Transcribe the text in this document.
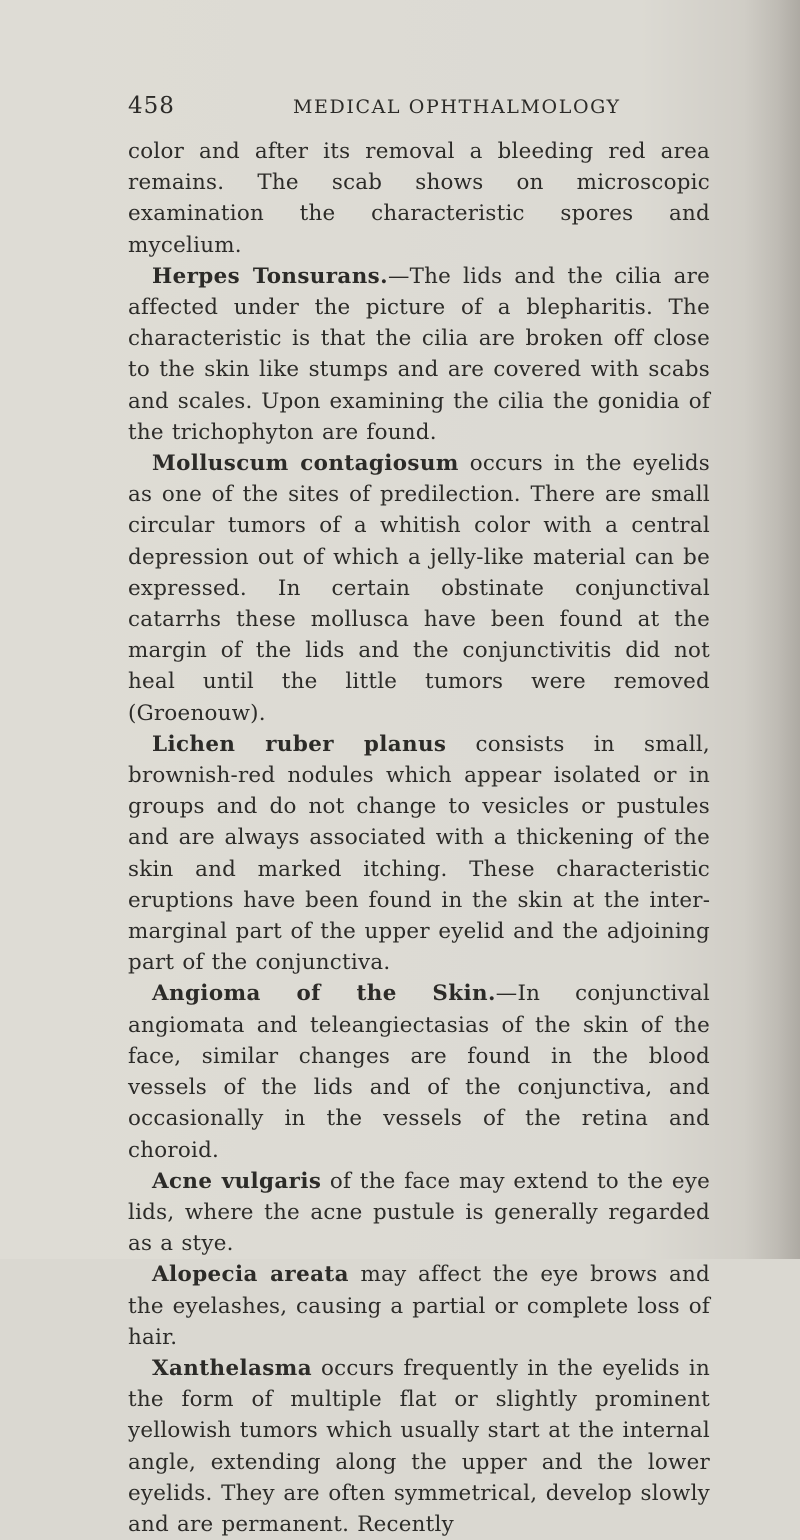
458	MEDICAL OPHTHALMOLOGY

color and after its removal a bleeding red area remains. The scab shows on microscopic examination the characteristic spores and mycelium.

Herpes Tonsurans.—The lids and the cilia are affected under the picture of a blepharitis. The characteristic is that the cilia are broken off close to the skin like stumps and are covered with scabs and scales. Upon examining the cilia the gonidia of the trichophyton are found.

Molluscum contagiosum occurs in the eyelids as one of the sites of predilection. There are small circular tumors of a whitish color with a central depression out of which a jelly-like material can be expressed. In certain obstinate conjunctival catarrhs these mollusca have been found at the margin of the lids and the conjunctivitis did not heal until the little tumors were removed (Groenouw).

Lichen ruber planus consists in small, brownish-red nodules which appear isolated or in groups and do not change to vesicles or pustules and are always associated with a thickening of the skin and marked itching. These characteristic eruptions have been found in the skin at the intermarginal part of the upper eyelid and the adjoining part of the conjunctiva.

Angioma of the Skin.—In conjunctival angiomata and teleangiectasias of the skin of the face, similar changes are found in the blood vessels of the lids and of the conjunctiva, and occasionally in the vessels of the retina and choroid.

Acne vulgaris of the face may extend to the eye lids, where the acne pustule is generally regarded as a stye.

Alopecia areata may affect the eye brows and the eyelashes, causing a partial or complete loss of hair.

Xanthelasma occurs frequently in the eyelids in the form of multiple flat or slightly prominent yellowish tumors which usually start at the internal angle, extending along the upper and the lower eyelids. They are often symmetrical, develop slowly and are permanent. Recently
